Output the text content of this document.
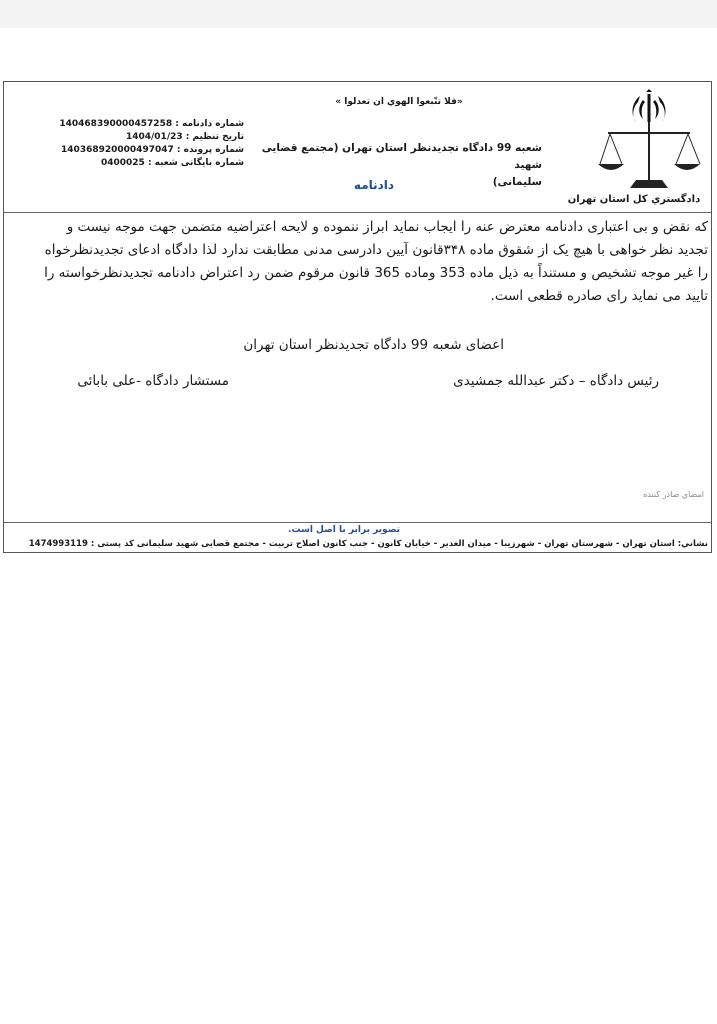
دادگستري کل استان تهران
«فلا تتّبعوا الهوي ان تعدلوا »
شعبه 99 دادگاه تجدیدنظر استان تهران (مجتمع قضایی شهید
سلیمانی)
دادنامه
شماره دادنامه : 140468390000457258
تاریخ تنظیم : 1404/01/23
شماره پرونده : 140368920000497047
شماره بایگانی شعبه : 0400025
که نقض و بی اعتباری دادنامه معترض عنه را ایجاب نماید ابراز ننموده و لایحه اعتراضیه متضمن جهت موجه نیست و
تجدید نظر خواهی با هیچ یک از شقوق ماده ۳۴۸قانون آیین دادرسی مدنی مطابقت ندارد لذا دادگاه ادعای تجدیدنظرخواه
را غیر موجه تشخیص و مستنداً به ذیل ماده 353 وماده 365 قانون مرقوم ضمن رد اعتراض دادنامه تجدیدنظرخواسته را
تایید می نماید رای صادره قطعی است.
اعضای شعبه 99 دادگاه تجدیدنظر استان تهران
رئیس دادگاه – دکتر عبدالله جمشیدی
مستشار دادگاه -علی بابائی
امضاي صادر کننده
تصویر برابر با اصل است.
نشاني: استان تهران - شهرستان تهران - شهرزیبا - میدان الغدیر - خیابان کانون - جنب کانون اصلاح تربیت - مجتمع قضایی شهید سلیمانی کد پستی : 1474993119
